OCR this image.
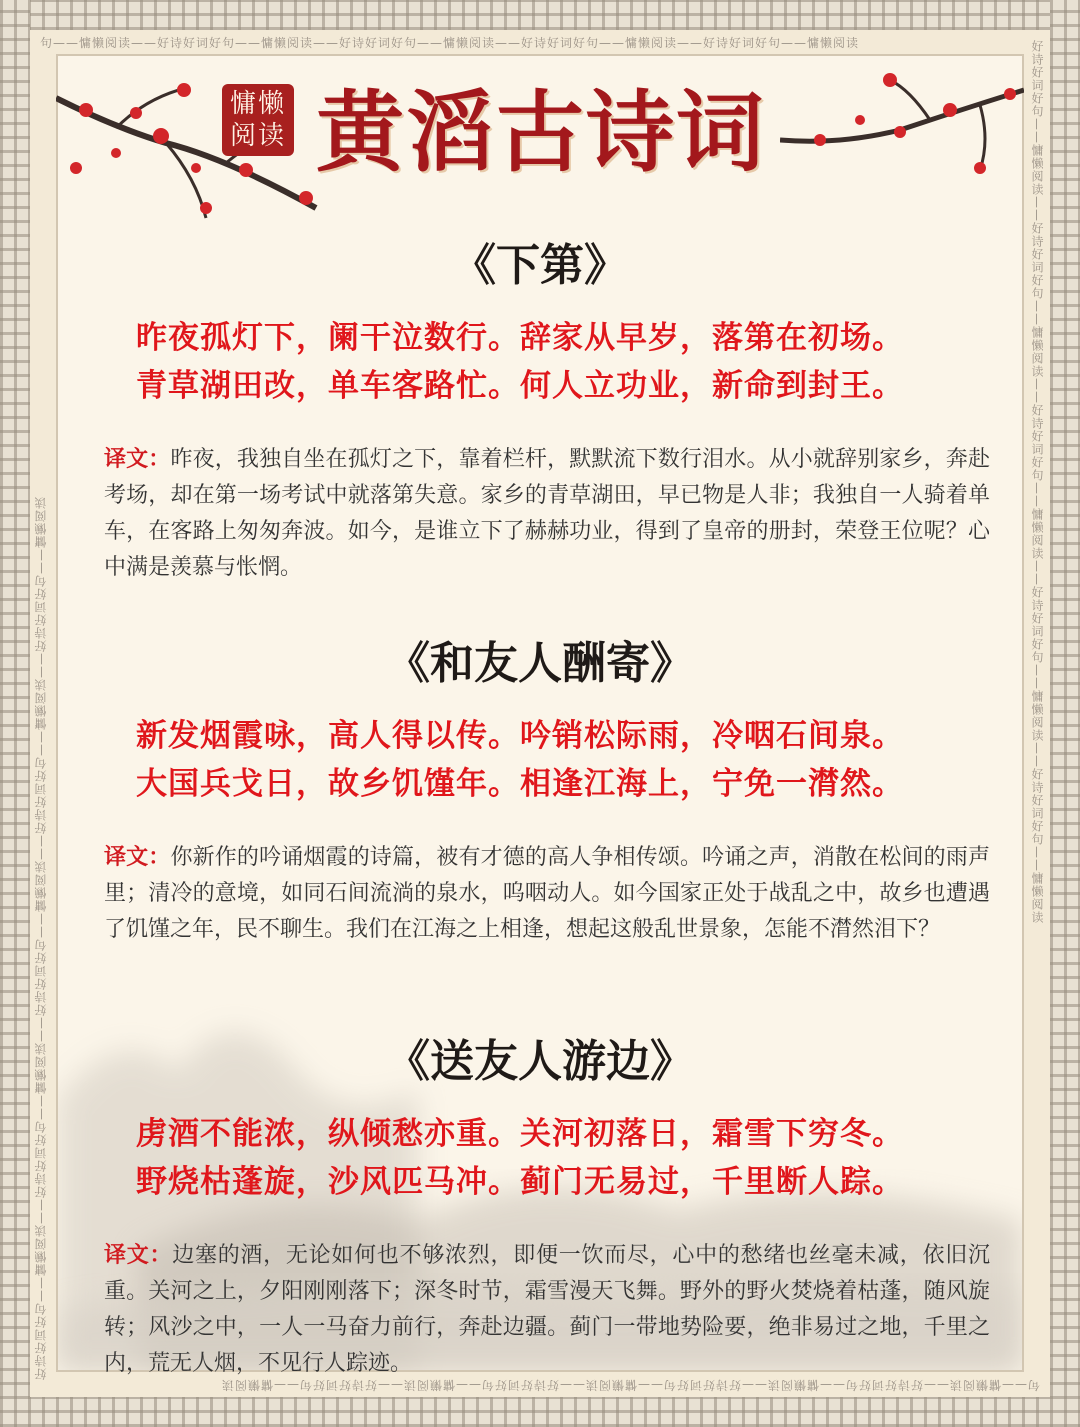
句——慵懒阅读——好诗好词好句——慵懒阅读——好诗好词好句——慵懒阅读——好诗好词好句——慵懒阅读——好诗好词好句——慵懒阅读
句——慵懒阅读——好诗好词好句——慵懒阅读——好诗好词好句——慵懒阅读——好诗好词好句——慵懒阅读——好诗好词好句——慵懒阅读
好诗好词好句——慵懒阅读——好诗好词好句——慵懒阅读——好诗好词好句——慵懒阅读——好诗好词好句——慵懒阅读——好诗好词好句——慵懒阅读
好诗好词好句——慵懒阅读——好诗好词好句——慵懒阅读——好诗好词好句——慵懒阅读——好诗好词好句——慵懒阅读——好诗好词好句——慵懒阅读
慵懒阅读 黄滔古诗词
《下第》

昨夜孤灯下，阑干泣数行。辞家从早岁，落第在初场。

青草湖田改，单车客路忙。何人立功业，新命到封王。

译文：昨夜，我独自坐在孤灯之下，靠着栏杆，默默流下数行泪水。从小就辞别家乡，奔赴考场，却在第一场考试中就落第失意。家乡的青草湖田，早已物是人非；我独自一人骑着单车，在客路上匆匆奔波。如今，是谁立下了赫赫功业，得到了皇帝的册封，荣登王位呢？心中满是羡慕与怅惘。

《和友人酬寄》

新发烟霞咏，高人得以传。吟销松际雨，冷咽石间泉。

大国兵戈日，故乡饥馑年。相逢江海上，宁免一潸然。

译文：你新作的吟诵烟霞的诗篇，被有才德的高人争相传颂。吟诵之声，消散在松间的雨声里；清冷的意境，如同石间流淌的泉水，呜咽动人。如今国家正处于战乱之中，故乡也遭遇了饥馑之年，民不聊生。我们在江海之上相逢，想起这般乱世景象，怎能不潸然泪下？

《送友人游边》

虏酒不能浓，纵倾愁亦重。关河初落日，霜雪下穷冬。

野烧枯蓬旋，沙风匹马冲。蓟门无易过，千里断人踪。

译文：边塞的酒，无论如何也不够浓烈，即便一饮而尽，心中的愁绪也丝毫未减，依旧沉重。关河之上，夕阳刚刚落下；深冬时节，霜雪漫天飞舞。野外的野火焚烧着枯蓬，随风旋转；风沙之中，一人一马奋力前行，奔赴边疆。蓟门一带地势险要，绝非易过之地，千里之内，荒无人烟，不见行人踪迹。
